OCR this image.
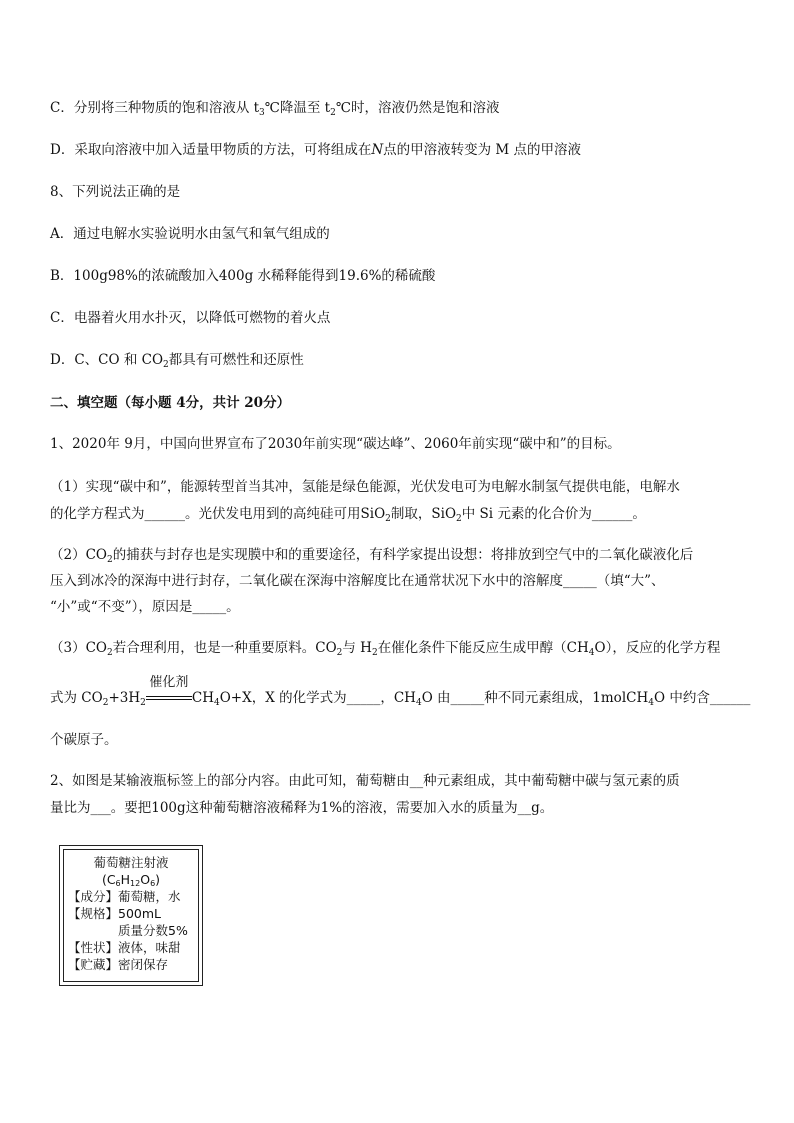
C．分别将三种物质的饱和溶液从 $t_3℃$降温至 $t_2℃$时，溶液仍然是饱和溶液
D．采取向溶液中加入适量甲物质的方法，可将组成在N点的甲溶液转变为 M 点的甲溶液
8、下列说法正确的是
A．通过电解水实验说明水由氢气和氧气组成的
B．100g98%的浓硫酸加入400g 水稀释能得到19.6%的稀硫酸
C．电器着火用水扑灭，以降低可燃物的着火点
D．C、CO 和 $CO_2$都具有可燃性和还原性
二、填空题（每小题 4分，共计 20分）
1、2020年 9月，中国向世界宣布了2030年前实现“碳达峰”、2060年前实现“碳中和”的目标。
（1）实现“碳中和”，能源转型首当其冲，氢能是绿色能源，光伏发电可为电解水制氢气提供电能，电解水
的化学方程式为______。光伏发电用到的高纯硅可用SiO$_2$制取，SiO$_2$中 Si 元素的化合价为______。
$(2)CO_2$的捕获与封存也是实现膜中和的重要途径，有科学家提出设想：将排放到空气中的二氧化碳液化后
压入到冰冷的深海中进行封存，二氧化碳在深海中溶解度比在通常状况下水中的溶解度_____（填“大”、
“小”或“不变”），原因是_____。
$(3)CO_2$若合理利用，也是一种重要原料。$CO_2$与 $H_2$在催化条件下能反应生成甲醇$(CH_4O)$，反应的化学方程
式为 $CO_2+3H_2$
催化剂
$CH_4O+X$，X 的化学式为_____，$CH_4O$ 由_____种不同元素组成，1molCH$_4$O 中约含______
个碳原子。
2、如图是某输液瓶标签上的部分内容。由此可知，葡萄糖由__种元素组成，其中葡萄糖中碳与氢元素的质
量比为___。要把100g这种葡萄糖溶液稀释为1%的溶液，需要加入水的质量为__g。
葡萄糖注射液
$(C_6H_{12}O_6)$
【成分】葡萄糖，水
【规格】500mL
质量分数5%
【性状】液体，味甜
【贮藏】密闭保存
